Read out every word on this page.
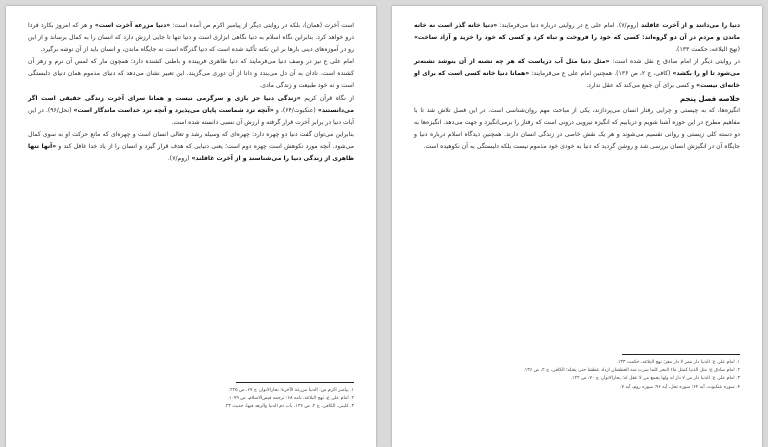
است آخرت (همان)، بلکه در روایتی دیگر از پیامبر اکرم ص آمده است: «دنیا مزرعه آخرت است» و هر که امروز بکارد فردا درو خواهد کرد. بنابراین نگاه اسلام به دنیا نگاهی ابزاری است و دنیا تنها تا جایی ارزش دارد که انسان را به کمال برساند و از این رو در آموزه‌های دینی بارها بر این نکته تأکید شده است که دنیا گذرگاه است نه جایگاه ماندن، و انسان باید از آن توشه برگیرد.

امام علی ع نیز در وصف دنیا می‌فرمایند که دنیا ظاهری فریبنده و باطنی کشنده دارد؛ همچون مار که لمس آن نرم و زهر آن کشنده است. نادان به آن دل می‌بندد و دانا از آن دوری می‌گزیند. این تعبیر نشان می‌دهد که دنیای مذموم همان دنیای دلبستگی است و نه خود طبیعت و زندگی مادی.

از نگاه قرآن کریم «زندگی دنیا جز بازی و سرگرمی نیست و همانا سرای آخرت زندگی حقیقی است اگر می‌دانستند» (عنکبوت/۶۴)، و «آنچه نزد شماست پایان می‌پذیرد و آنچه نزد خداست ماندگار است» (نحل/۹۶). در این آیات دنیا در برابر آخرت قرار گرفته و ارزش آن نسبی دانسته شده است.

بنابراین می‌توان گفت دنیا دو چهره دارد: چهره‌ای که وسیله رشد و تعالی انسان است و چهره‌ای که مانع حرکت او به سوی کمال می‌شود. آنچه مورد نکوهش است چهره دوم است؛ یعنی دنیایی که هدف قرار گیرد و انسان را از یاد خدا غافل کند و «آنها تنها ظاهری از زندگی دنیا را می‌شناسند و از آخرت غافلند» (روم/۷).

۱. پیامبر اکرم ص: الدنیا مزرعة الآخرة؛ بحارالانوار، ج ۶۷، ص ۲۲۵.

۲. امام علی ع، نهج البلاغه، نامه ۶۸؛ ترجمه فیض‌الاسلام، ص ۱۰۷۹.

۳. کلینی، الکافی، ج ۲، ص ۱۳۶، باب ذم الدنیا والزهد فیها، حدیث ۲۳.

دنیا را می‌دانند و از آخرت غافلند (روم/۷). امام علی ع در روایتی درباره دنیا می‌فرمایند: «دنیا خانه گذر است نه خانه ماندن و مردم در آن دو گروه‌اند: کسی که خود را فروخت و تباه کرد و کسی که خود را خرید و آزاد ساخت» (نهج البلاغه، حکمت ۱۳۳).

در روایتی دیگر از امام صادق ع نقل شده است: «مثل دنیا مثل آب دریاست که هر چه تشنه از آن بنوشد تشنه‌تر می‌شود تا او را بکشد» (کافی، ج ۲، ص ۱۳۶). همچنین امام علی ع می‌فرمایند: «همانا دنیا خانه کسی است که برای او خانه‌ای نیست» و کسی برای آن جمع می‌کند که عقل ندارد.

خلاصه فصل پنجم

انگیزه‌ها، که به چیستی و چرایی رفتار انسان می‌پردازند، یکی از مباحث مهم روان‌شناسی است. در این فصل تلاش شد تا با مفاهیم مطرح در این حوزه آشنا شویم و دریابیم که انگیزه نیرویی درونی است که رفتار را برمی‌انگیزد و جهت می‌دهد. انگیزه‌ها به دو دسته کلی زیستی و روانی تقسیم می‌شوند و هر یک نقش خاصی در زندگی انسان دارند. همچنین دیدگاه اسلام درباره دنیا و جایگاه آن در انگیزش انسان بررسی شد و روشن گردید که دنیا به خودی خود مذموم نیست بلکه دلبستگی به آن نکوهیده است.

۱. امام علی ع: الدنیا دار ممر لا دار مقر؛ نهج البلاغه، حکمت ۱۳۳.

۲. امام صادق ع: مثل الدنیا کمثل ماء البحر کلما شرب منه العطشان ازداد عطشا حتی یقتله؛ الکافی، ج ۲، ص ۱۳۶.

۳. امام علی ع: الدنیا دار من لا دار له ولها یجمع من لا عقل له؛ بحارالانوار، ج ۷۰، ص ۱۲۲.

۴. سوره عنکبوت، آیه ۶۴؛ سوره نحل، آیه ۹۶؛ سوره روم، آیه ۷.
